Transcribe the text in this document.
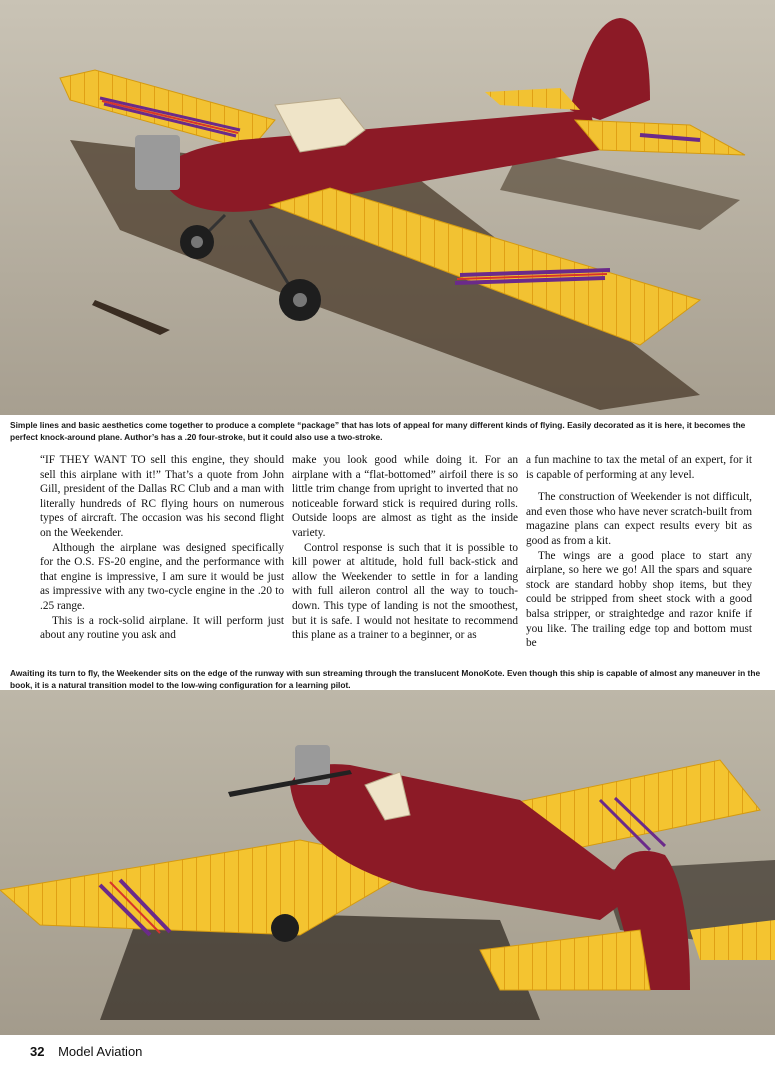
Simple lines and basic aesthetics come together to produce a complete “package” that has lots of appeal for many different kinds of flying. Easily decorated as it is here, it becomes the perfect knock-around plane. Author’s has a .20 four-stroke, but it could also use a two-stroke.

“IF THEY WANT TO sell this engine, they should sell this airplane with it!” That’s a quote from John Gill, president of the Dallas RC Club and a man with literally hundreds of RC flying hours on numerous types of aircraft. The occasion was his second flight on the Weekender.

Although the airplane was designed specifically for the O.S. FS-20 engine, and the performance with that engine is impressive, I am sure it would be just as impressive with any two-cycle engine in the .20 to .25 range.

This is a rock-solid airplane. It will perform just about any routine you ask and

make you look good while doing it. For an airplane with a “flat-bottomed” airfoil there is so little trim change from upright to inverted that no noticeable forward stick is required during rolls. Outside loops are almost as tight as the inside variety.

Control response is such that it is possible to kill power at altitude, hold full back-stick and allow the Weekender to settle in for a landing with full aileron control all the way to touch-down. This type of landing is not the smoothest, but it is safe. I would not hesitate to recommend this plane as a trainer to a beginner, or as

a fun machine to tax the metal of an expert, for it is capable of performing at any level.

The construction of Weekender is not difficult, and even those who have never scratch-built from magazine plans can expect results every bit as good as from a kit.

The wings are a good place to start any airplane, so here we go! All the spars and square stock are standard hobby shop items, but they could be stripped from sheet stock with a good balsa stripper, or straightedge and razor knife if you like. The trailing edge top and bottom must be

Awaiting its turn to fly, the Weekender sits on the edge of the runway with sun streaming through the translucent MonoKote. Even though this ship is capable of almost any maneuver in the book, it is a natural transition model to the low-wing configuration for a learning pilot.
32 Model Aviation
